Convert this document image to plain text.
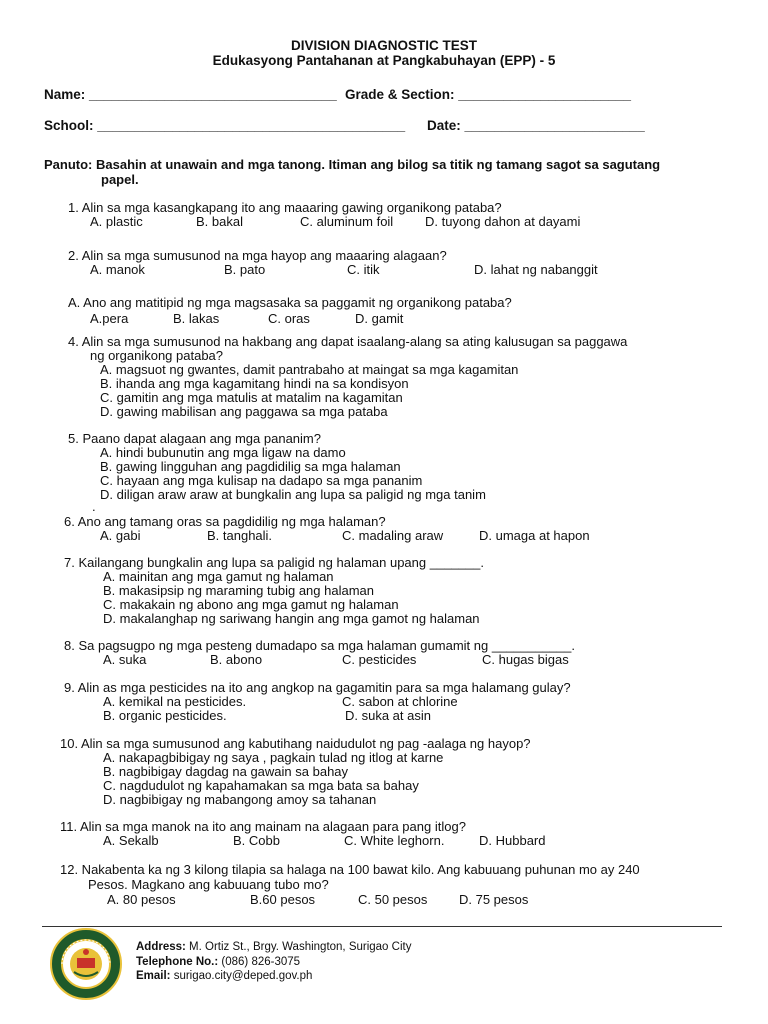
DIVISION DIAGNOSTIC TEST
Edukasyong Pantahanan at Pangkabuhayan (EPP) - 5
Name: _________________________________ Grade & Section: _______________________
School: _________________________________________ Date: ________________________
Panuto: Basahin at unawain and mga tanong. Itiman ang bilog sa titik ng tamang sagot sa sagutang
papel.
1. Alin sa mga kasangkapang ito ang maaaring gawing organikong pataba?
A. plastic	B. bakal	C. aluminum foil D. tuyong dahon at dayami
2. Alin sa mga sumusunod na mga hayop ang maaaring alagaan?
A. manok	B. pato	C. itik	D. lahat ng nabanggit
A. Ano ang matitipid ng mga magsasaka sa paggamit ng organikong pataba?
A.pera	B. lakas	C. oras	D. gamit
4. Alin sa mga sumusunod na hakbang ang dapat isaalang-alang sa ating kalusugan sa paggawa
ng organikong pataba?
A. magsuot ng gwantes, damit pantrabaho at maingat sa mga kagamitan
B. ihanda ang mga kagamitang hindi na sa kondisyon
C. gamitin ang mga matulis at matalim na kagamitan
D. gawing mabilisan ang paggawa sa mga pataba
5. Paano dapat alagaan ang mga pananim?
A. hindi bubunutin ang mga ligaw na damo
B. gawing lingguhan ang pagdidilig sa mga halaman
C. hayaan ang mga kulisap na dadapo sa mga pananim
D. diligan araw araw at bungkalin ang lupa sa paligid ng mga tanim
.
6. Ano ang tamang oras sa pagdidilig ng mga halaman?
A. gabi	B. tanghali.	C. madaling araw	D. umaga at hapon
7. Kailangang bungkalin ang lupa sa paligid ng halaman upang _______.
A. mainitan ang mga gamut ng halaman
B. makasipsip ng maraming tubig ang halaman
C. makakain ng abono ang mga gamut ng halaman
D. makalanghap ng sariwang hangin ang mga gamot ng halaman
8. Sa pagsugpo ng mga pesteng dumadapo sa mga halaman gumamit ng ___________.
A. suka	B. abono	C. pesticides	C. hugas bigas
9. Alin as mga pesticides na ito ang angkop na gagamitin para sa mga halamang gulay?
A. kemikal na pesticides.	C. sabon at chlorine
B. organic pesticides.	D. suka at asin
10. Alin sa mga sumusunod ang kabutihang naidudulot ng pag -aalaga ng hayop?
A. nakapagbibigay ng saya , pagkain tulad ng itlog at karne
B. nagbibigay dagdag na gawain sa bahay
C. nagdudulot ng kapahamakan sa mga bata sa bahay
D. nagbibigay ng mabangong amoy sa tahanan
11. Alin sa mga manok na ito ang mainam na alagaan para pang itlog?
A. Sekalb	B. Cobb	C. White leghorn.	D. Hubbard
12. Nakabenta ka ng 3 kilong tilapia sa halaga na 100 bawat kilo. Ang kabuuang puhunan mo ay 240
Pesos. Magkano ang kabuuang tubo mo?
A. 80 pesos	B.60 pesos	C. 50 pesos D. 75 pesos
Address: M. Ortiz St., Brgy. Washington, Surigao City
Telephone No.: (086) 826-3075
Email: surigao.city@deped.gov.ph
